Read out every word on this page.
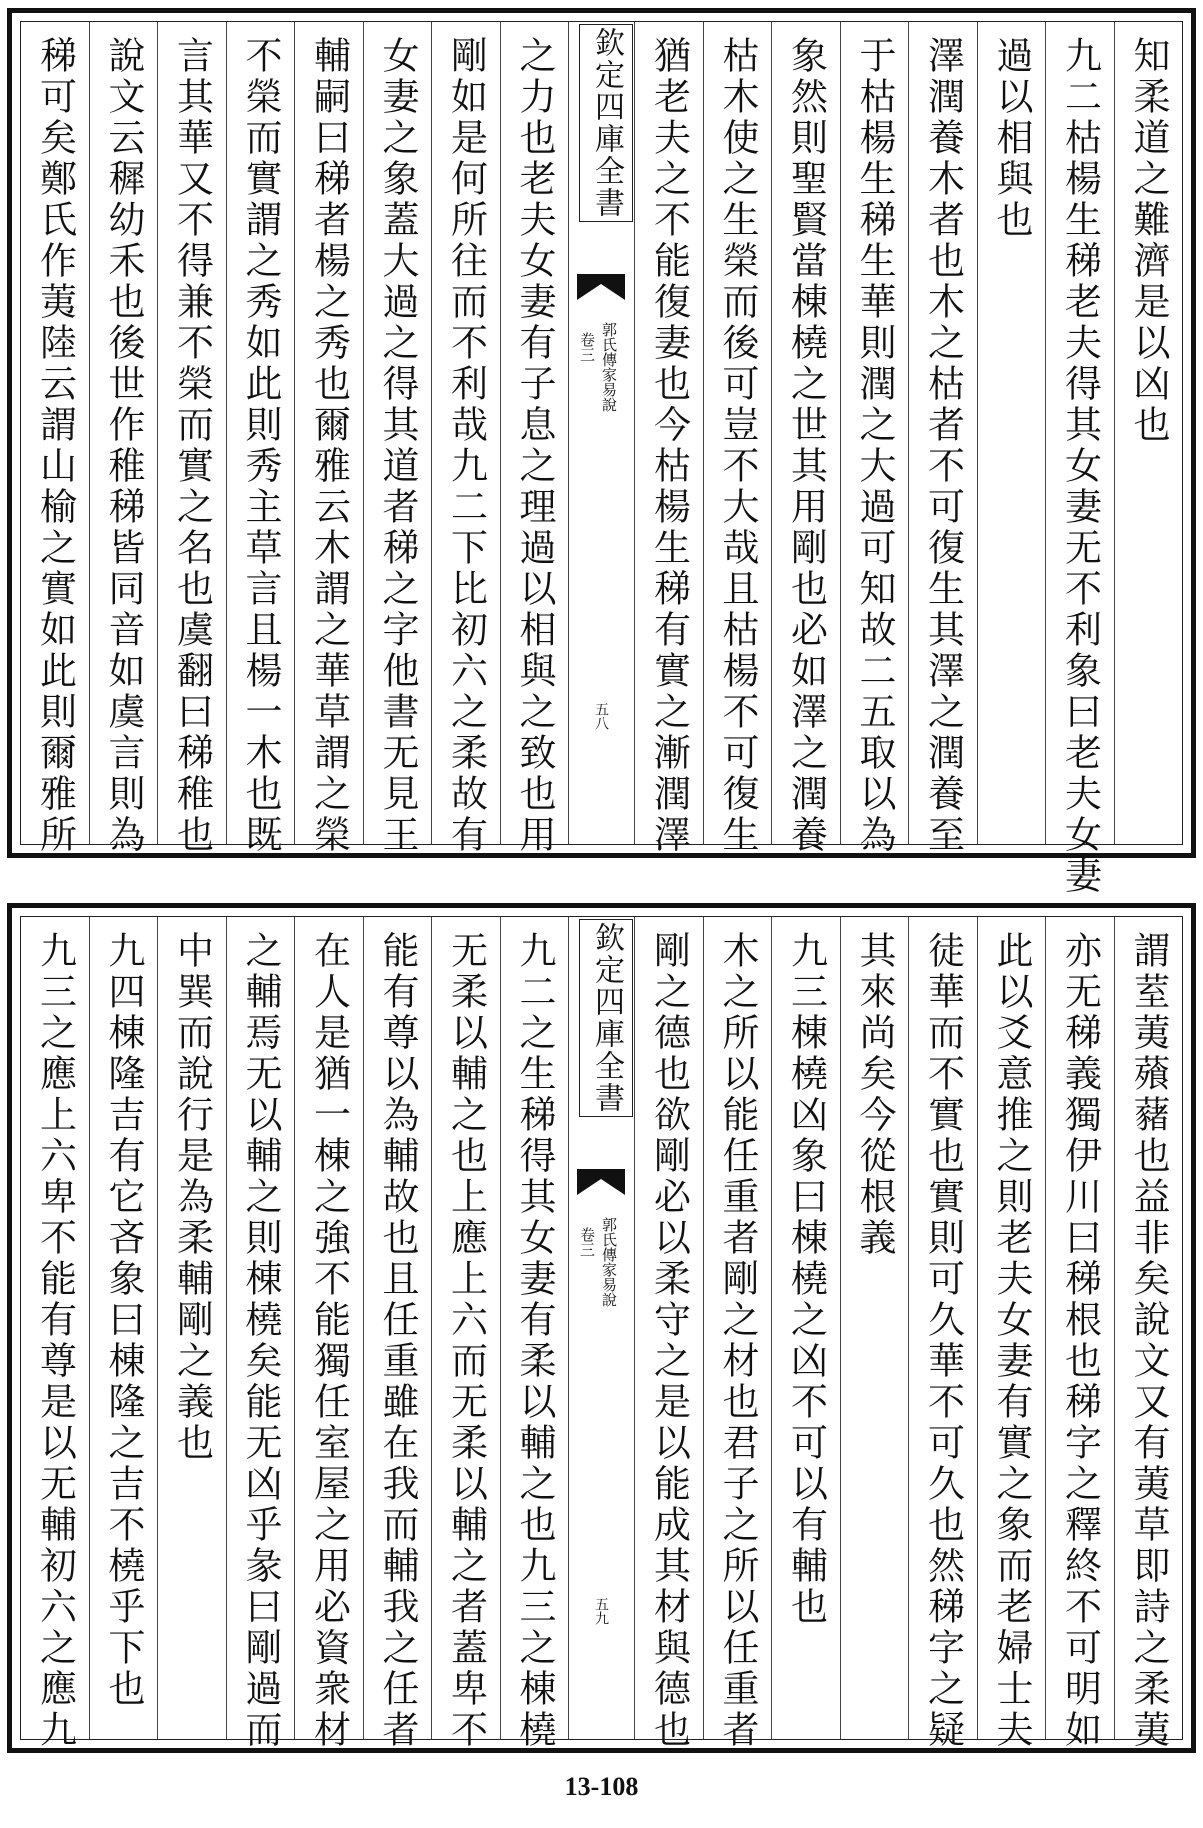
知柔道之難濟是以凶也
九二枯楊生稊老夫得其女妻无不利象曰老夫女妻
過以相與也
澤潤養木者也木之枯者不可復生其澤之潤養至
于枯楊生稊生華則潤之大過可知故二五取以為
象然則聖賢當棟橈之世其用剛也必如澤之潤養
枯木使之生榮而後可豈不大哉且枯楊不可復生
猶老夫之不能復妻也今枯楊生稊有實之漸潤澤
欽定四庫全書
郭氏傳家易說
卷三
五八
之力也老夫女妻有子息之理過以相與之致也用
剛如是何所往而不利哉九二下比初六之柔故有
女妻之象蓋大過之得其道者稊之字他書无見王
輔嗣曰稊者楊之秀也爾雅云木謂之華草謂之榮
不榮而實謂之秀如此則秀主草言且楊一木也既
言其華又不得兼不榮而實之名也虞翻曰稊稚也
說文云穉幼禾也後世作稚稊皆同音如虞言則為
稊可矣鄭氏作荑陸云謂山榆之實如此則爾雅所
謂荎荑薞藸也益非矣說文又有荑草即詩之柔荑
亦无稊義獨伊川曰稊根也稊字之釋終不可明如
此以爻意推之則老夫女妻有實之象而老婦士夫
徒華而不實也實則可久華不可久也然稊字之疑
其來尚矣今從根義
九三棟橈凶象曰棟橈之凶不可以有輔也
木之所以能任重者剛之材也君子之所以任重者
剛之德也欲剛必以柔守之是以能成其材與德也
欽定四庫全書
郭氏傳家易說
卷三
五九
九二之生稊得其女妻有柔以輔之也九三之棟橈
无柔以輔之也上應上六而无柔以輔之者蓋卑不
能有尊以為輔故也且任重雖在我而輔我之任者
在人是猶一棟之強不能獨任室屋之用必資衆材
之輔焉无以輔之則棟橈矣能无凶乎彖曰剛過而
中巽而說行是為柔輔剛之義也
九四棟隆吉有它吝象曰棟隆之吉不橈乎下也
九三之應上六卑不能有尊是以无輔初六之應九
13-108
